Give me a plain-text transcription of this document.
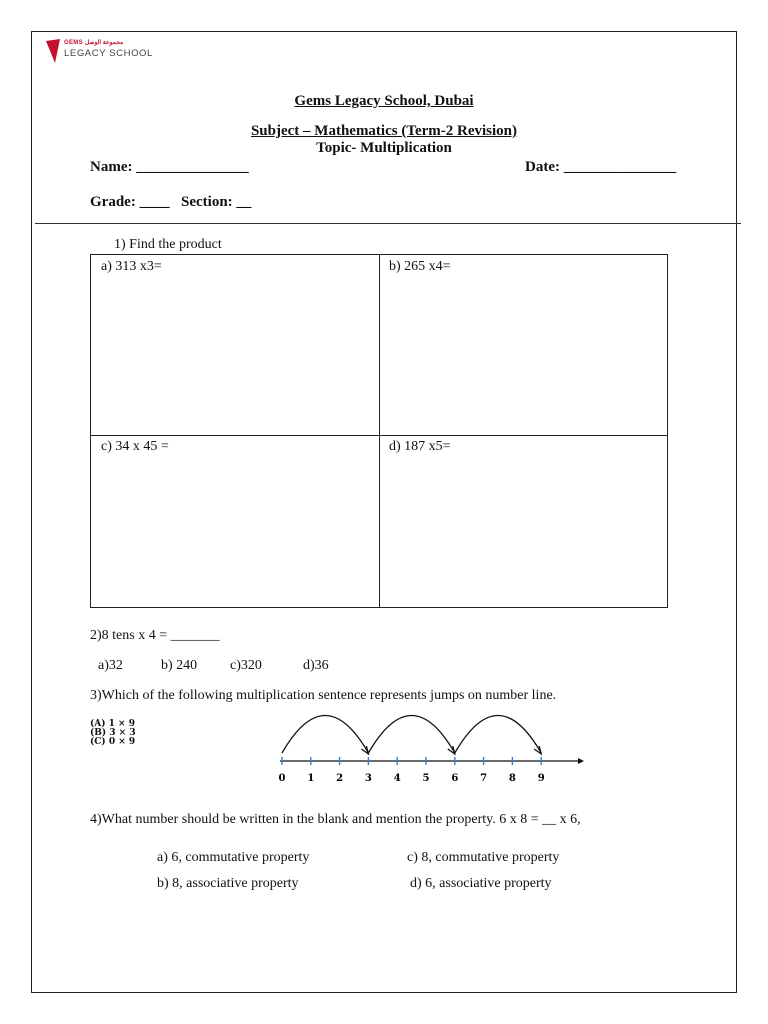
GEMS مجموعة الوصل
LEGACY SCHOOL
Gems Legacy School, Dubai
Subject – Mathematics (Term-2 Revision)
Topic- Multiplication
Name: _______________	Date: _______________
Grade: ____ Section: __
1) Find the product
a) 313 x3=	b) 265 x4=
c) 34 x 45 =	d) 187 x5=
2)8 tens x 4 = _______
a)32	b) 240 c)320	d)36
3)Which of the following multiplication sentence represents jumps on number line.
(A) 1 × 9
(B) 3 × 3
(C) 0 × 9
0 1 2 3 4 5 6 7 8 9
4)What number should be written in the blank and mention the property. 6 x 8 = __ x 6,
a) 6, commutative property	c) 8, commutative property
b) 8, associative property	d) 6, associative property
